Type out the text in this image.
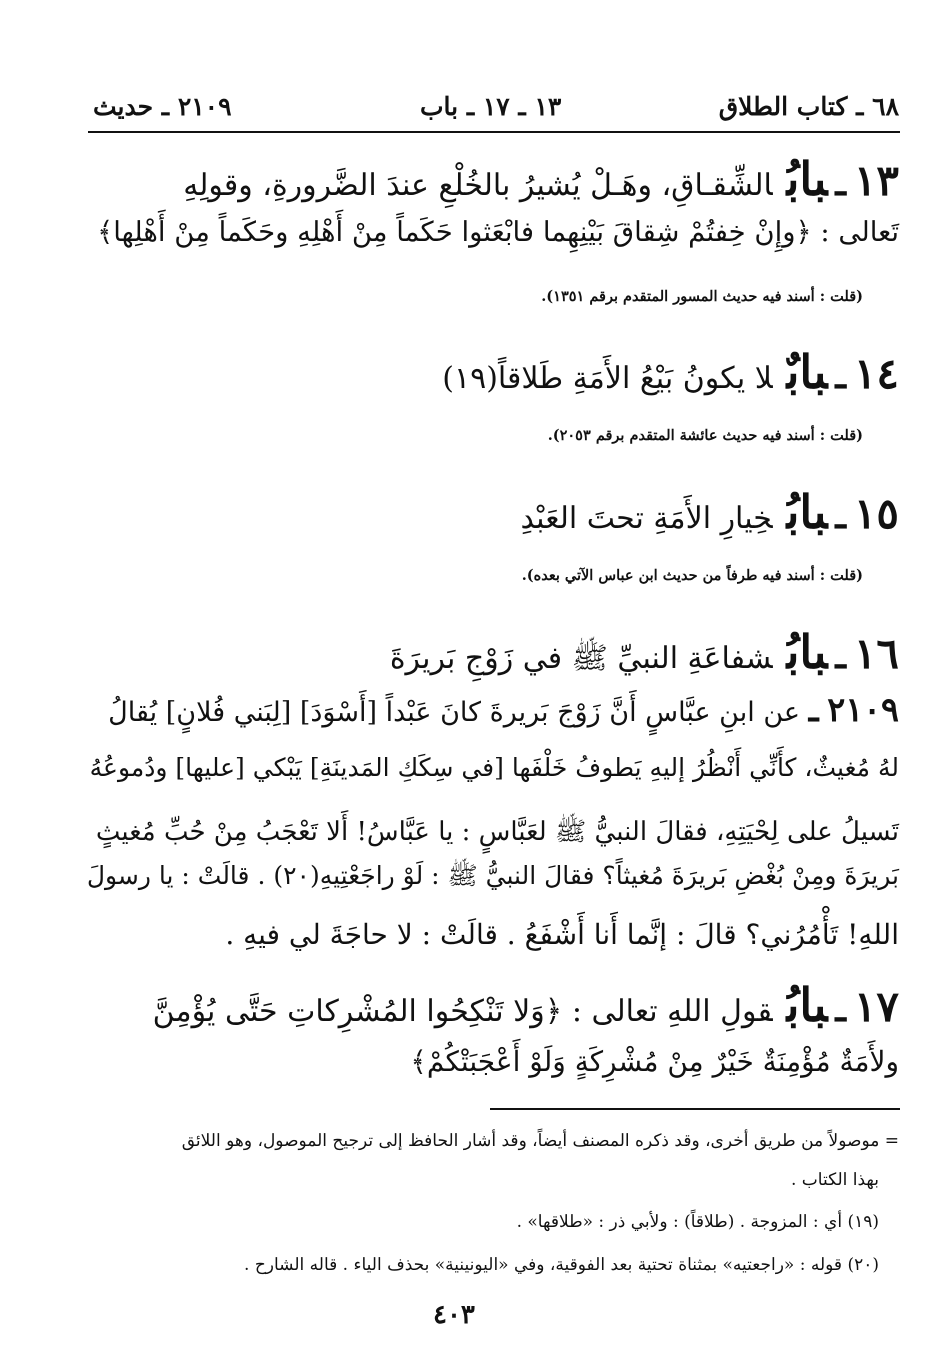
٦٨ ـ كتاب الطلاق
١٣ ـ ١٧ ـ باب
٢١٠٩ ـ حديث
١٣ـبابُالشِّقـاقِ، وهَـلْ يُشيرُ بالخُلْعِ عندَ الضَّرورةِ، وقولِهِ
تَعالى : ﴿وإِنْ خِفتُمْ شِقاقَ بَيْنِهِما فابْعَثوا حَكَماً مِنْ أَهْلِهِ وحَكَماً مِنْ أَهْلِها﴾
(قلت : أسند فيه حديث المسور المتقدم برقم ١٣٥١).
١٤ـبابٌلا يكونُ بَيْعُ الأَمَةِ طَلاقاً(١٩)
(قلت : أسند فيه حديث عائشة المتقدم برقم ٢٠٥٣).
١٥ـبابُخِيارِ الأَمَةِ تحتَ العَبْدِ
(قلت : أسند فيه طرفاً من حديث ابن عباس الآتي بعده).
١٦ـبابُشفاعَةِ النبيِّ ﷺ في زَوْجِ بَريرَةَ
٢١٠٩ ـ عن ابنِ عبَّاسٍ أَنَّ زَوْجَ بَريرةَ كانَ عَبْداً [أَسْوَدَ] [لِبَني فُلانٍ] يُقالُ
لهُ مُغيثٌ، كأَنِّي أَنْظُرُ إليهِ يَطوفُ خَلْفَها [في سِكَكِ المَدينَةِ] يَبْكي [عليها] ودُموعُهُ
تَسيلُ على لِحْيَتِهِ، فقالَ النبيُّ ﷺ لعَبَّاسٍ : يا عَبَّاسُ! أَلا تَعْجَبُ مِنْ حُبِّ مُغيثٍ
بَريرَةَ ومِنْ بُغْضِ بَريرَةَ مُغيثاً؟ فقالَ النبيُّ ﷺ : لَوْ راجَعْتِيهِ(٢٠) . قالَتْ : يا رسولَ
اللهِ! تَأْمُرُني؟ قالَ : إنَّما أَنا أَشْفَعُ . قالَتْ : لا حاجَةَ لي فيهِ .
١٧ـبابُقولِ اللهِ تعالى : ﴿وَلا تَنْكِحُوا المُشْرِكاتِ حَتَّى يُؤْمِنَّ
ولأَمَةٌ مُؤْمِنَةٌ خَيْرٌ مِنْ مُشْرِكَةٍ وَلَوْ أَعْجَبَتْكُمْ﴾
= موصولاً من طريق أخرى، وقد ذكره المصنف أيضاً، وقد أشار الحافظ إلى ترجيح الموصول، وهو اللائق
بهذا الكتاب .
(١٩) أي : المزوجة . (طلاقاً) : ولأبي ذر : «طلاقها» .
(٢٠) قوله : «راجعتيه» بمثناة تحتية بعد الفوقية، وفي «اليونينية» بحذف الياء . قاله الشارح .
٤٠٣
